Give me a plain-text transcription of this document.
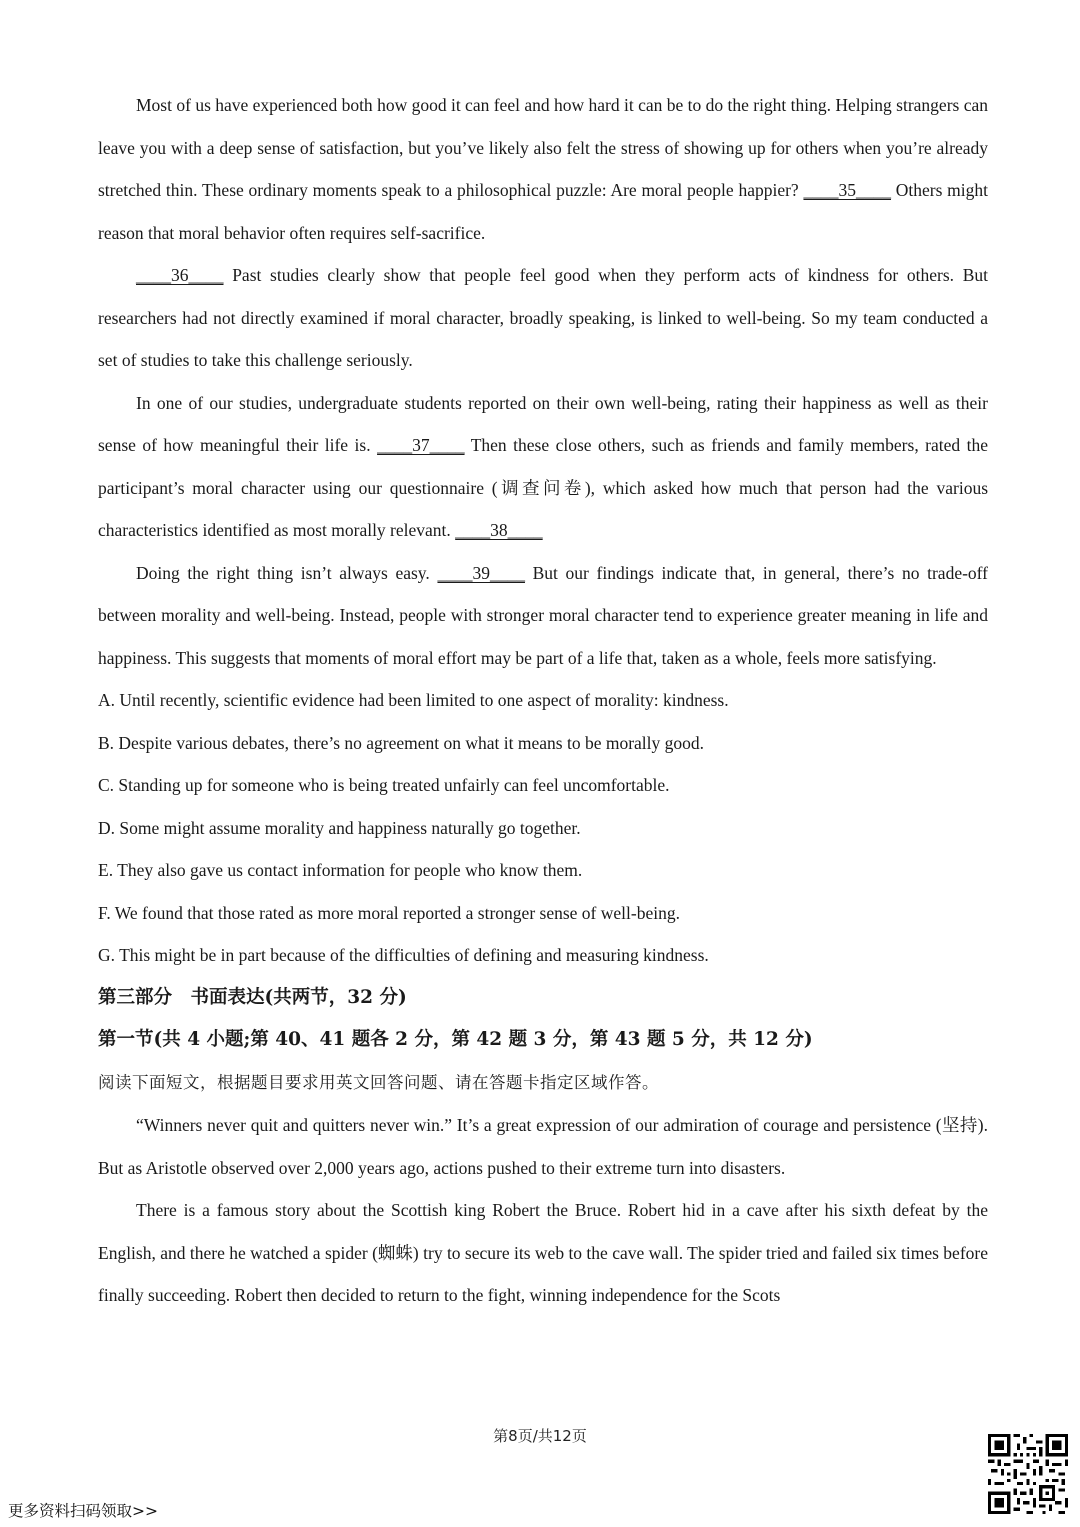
Most of us have experienced both how good it can feel and how hard it can be to do the right thing. Helping strangers can leave you with a deep sense of satisfaction, but you’ve likely also felt the stress of showing up for others when you’re already stretched thin. These ordinary moments speak to a philosophical puzzle: Are moral people happier? ____35____ Others might reason that moral behavior often requires self-sacrifice.

____36____ Past studies clearly show that people feel good when they perform acts of kindness for others. But researchers had not directly examined if moral character, broadly speaking, is linked to well-being. So my team conducted a set of studies to take this challenge seriously.

In one of our studies, undergraduate students reported on their own well-being, rating their happiness as well as their sense of how meaningful their life is. ____37____ Then these close others, such as friends and family members, rated the participant’s moral character using our questionnaire (调查问卷), which asked how much that person had the various characteristics identified as most morally relevant. ____38____

Doing the right thing isn’t always easy. ____39____ But our findings indicate that, in general, there’s no trade-off between morality and well-being. Instead, people with stronger moral character tend to experience greater meaning in life and happiness. This suggests that moments of moral effort may be part of a life that, taken as a whole, feels more satisfying.

A. Until recently, scientific evidence had been limited to one aspect of morality: kindness.

B. Despite various debates, there’s no agreement on what it means to be morally good.

C. Standing up for someone who is being treated unfairly can feel uncomfortable.

D. Some might assume morality and happiness naturally go together.

E. They also gave us contact information for people who know them.

F. We found that those rated as more moral reported a stronger sense of well-being.

G. This might be in part because of the difficulties of defining and measuring kindness.

第三部分　书面表达(共两节，32 分)

第一节(共 4 小题;第 40、41 题各 2 分，第 42 题 3 分，第 43 题 5 分，共 12 分)

阅读下面短文，根据题目要求用英文回答问题、请在答题卡指定区域作答。

“Winners never quit and quitters never win.” It’s a great expression of our admiration of courage and persistence (坚持). But as Aristotle observed over 2,000 years ago, actions pushed to their extreme turn into disasters.

There is a famous story about the Scottish king Robert the Bruce. Robert hid in a cave after his sixth defeat by the English, and there he watched a spider (蜘蛛) try to secure its web to the cave wall. The spider tried and failed six times before finally succeeding. Robert then decided to return to the fight, winning independence for the Scots

第8页/共12页
更多资料扫码领取>>
